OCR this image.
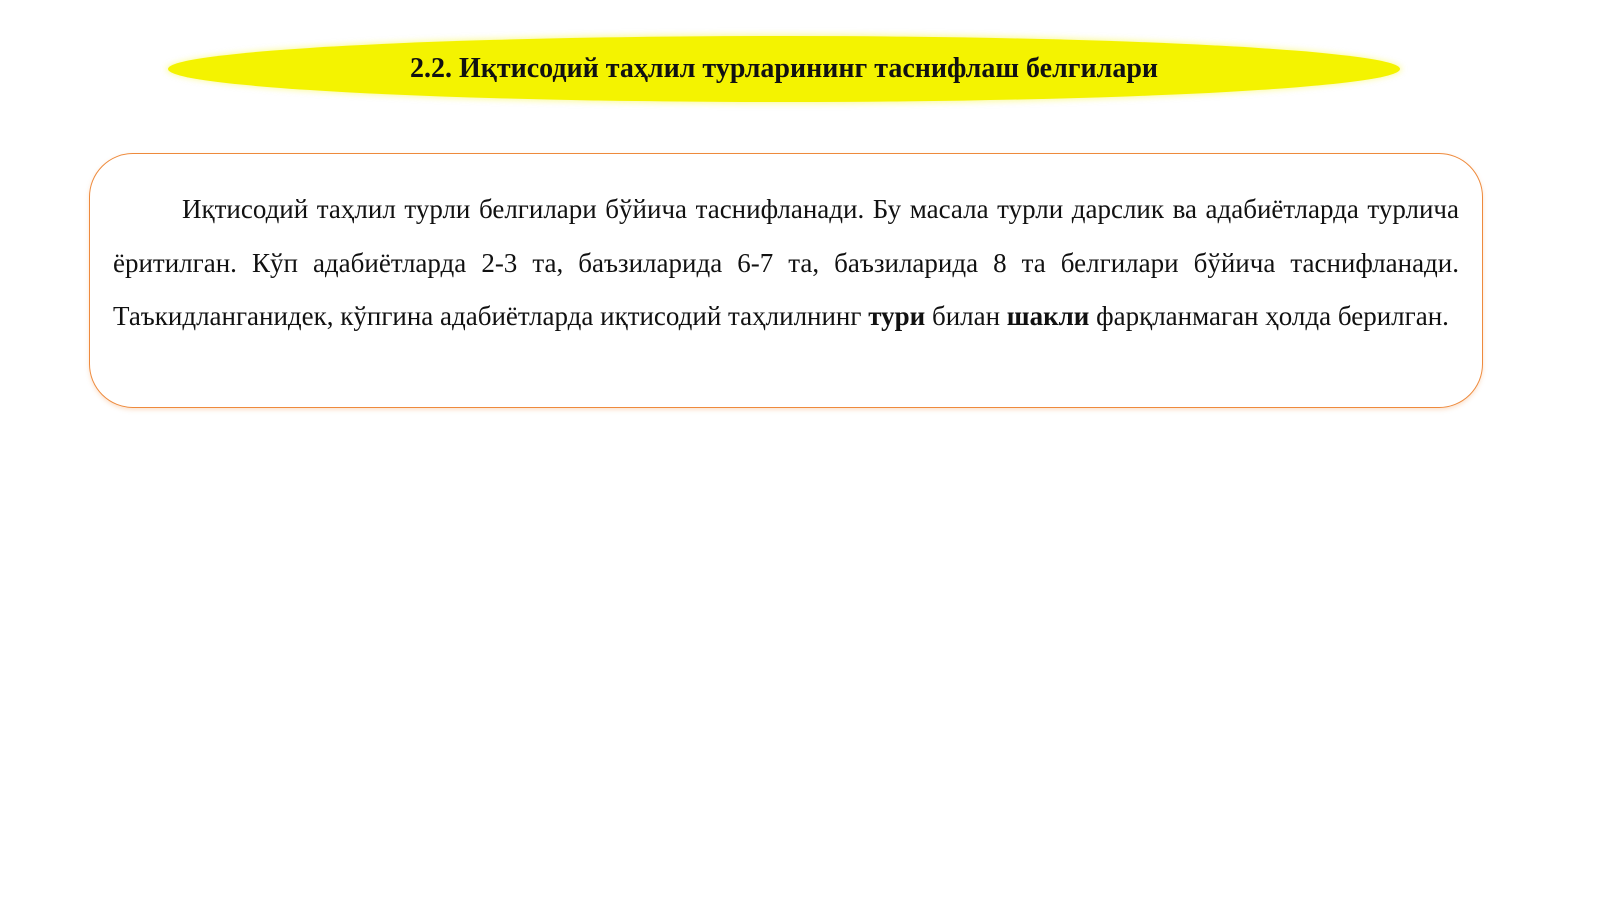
2.2. Иқтисодий таҳлил турларининг таснифлаш белгилари

Иқтисодий таҳлил турли белгилари бўйича таснифланади. Бу масала турли дарслик ва адабиётларда турлича ёритилган. Кўп адабиётларда 2-3 та, баъзиларида 6-7 та, баъзиларида 8 та белгилари бўйича таснифланади. Таъкидланганидек, кўпгина адабиётларда иқтисодий таҳлилнинг тури билан шакли фарқланмаган ҳолда берилган.
